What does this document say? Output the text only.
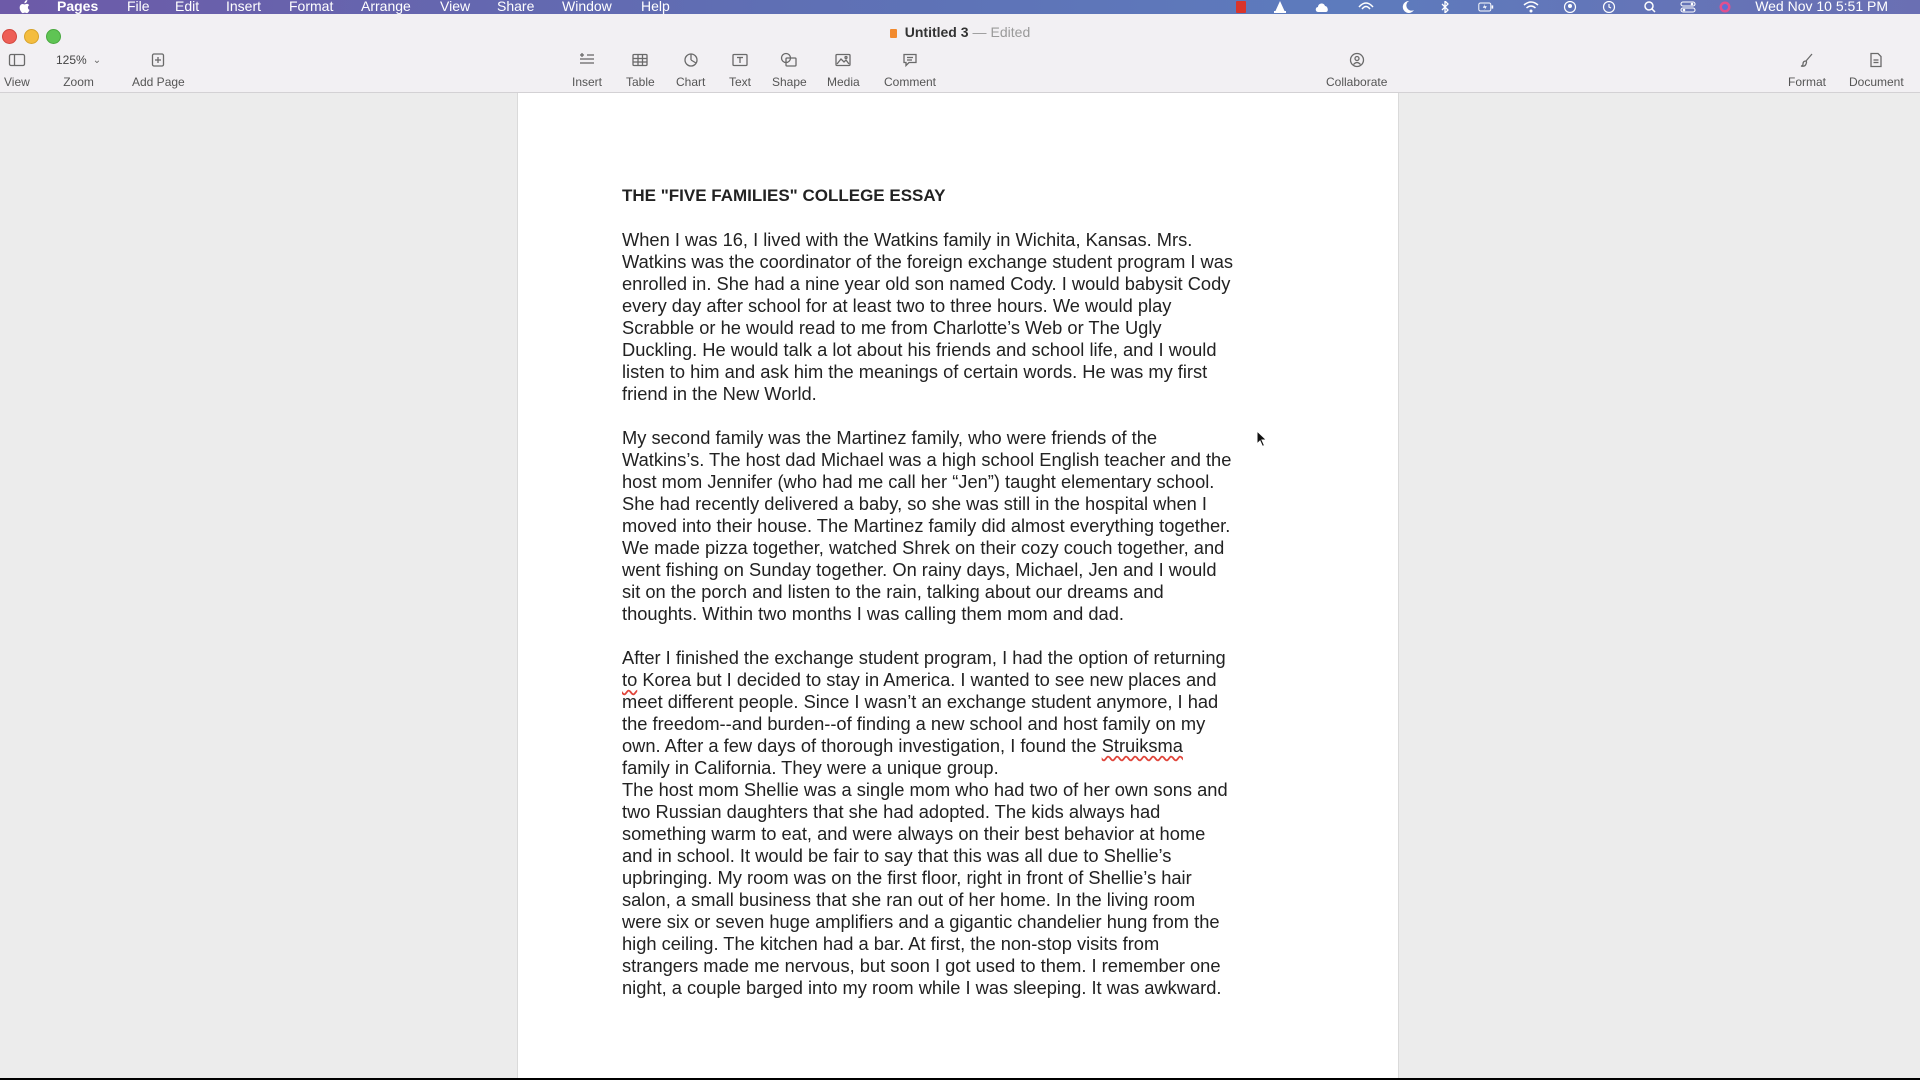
Pages File Edit Insert Format Arrange View Share Window Help	Wed Nov 10 5:51 PM
Untitled 3 — Edited
View
125% ⌄
Zoom	Add Page	Insert Table Chart Text Shape Media Comment	Collaborate	Format Document
THE "FIVE FAMILIES" COLLEGE ESSAY
When I was 16, I lived with the Watkins family in Wichita, Kansas. Mrs.
Watkins was the coordinator of the foreign exchange student program I was
enrolled in. She had a nine year old son named Cody. I would babysit Cody
every day after school for at least two to three hours. We would play
Scrabble or he would read to me from Charlotte’s Web or The Ugly
Duckling. He would talk a lot about his friends and school life, and I would
listen to him and ask him the meanings of certain words. He was my first
friend in the New World.
My second family was the Martinez family, who were friends of the
Watkins’s. The host dad Michael was a high school English teacher and the
host mom Jennifer (who had me call her “Jen”) taught elementary school.
She had recently delivered a baby, so she was still in the hospital when I
moved into their house. The Martinez family did almost everything together.
We made pizza together, watched Shrek on their cozy couch together, and
went fishing on Sunday together. On rainy days, Michael, Jen and I would
sit on the porch and listen to the rain, talking about our dreams and
thoughts. Within two months I was calling them mom and dad.
After I finished the exchange student program, I had the option of returning
to Korea but I decided to stay in America. I wanted to see new places and
meet different people. Since I wasn’t an exchange student anymore, I had
the freedom--and burden--of finding a new school and host family on my
own. After a few days of thorough investigation, I found the Struiksma
family in California. They were a unique group.
The host mom Shellie was a single mom who had two of her own sons and
two Russian daughters that she had adopted. The kids always had
something warm to eat, and were always on their best behavior at home
and in school. It would be fair to say that this was all due to Shellie’s
upbringing. My room was on the first floor, right in front of Shellie’s hair
salon, a small business that she ran out of her home. In the living room
were six or seven huge amplifiers and a gigantic chandelier hung from the
high ceiling. The kitchen had a bar. At first, the non-stop visits from
strangers made me nervous, but soon I got used to them. I remember one
night, a couple barged into my room while I was sleeping. It was awkward.
